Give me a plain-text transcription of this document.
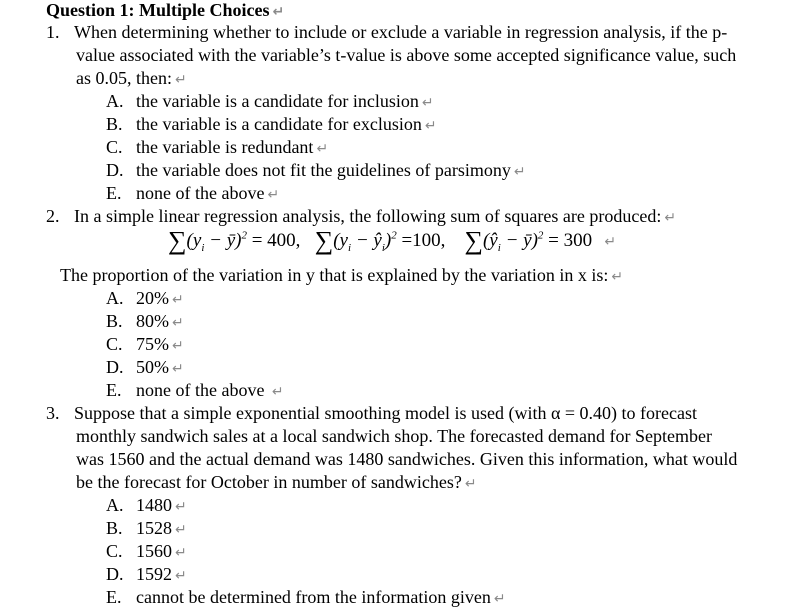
Question 1: Multiple Choices ↵
1. When determining whether to include or exclude a variable in regression analysis, if the p-
value associated with the variable’s t-value is above some accepted significance value, such
as 0.05, then: ↵
A. the variable is a candidate for inclusion ↵
B. the variable is a candidate for exclusion ↵
C. the variable is redundant ↵
D. the variable does not fit the guidelines of parsimony ↵
E. none of the above ↵
2. In a simple linear regression analysis, the following sum of squares are produced: ↵
$\sum(y_i$ − ȳ)$^2$ = 400, $\sum(y_i$ − $ŷ_i)^2 =100$, $\sum(ŷ_i$ − ȳ)$^2$ = 300  ↵
The proportion of the variation in y that is explained by the variation in x is: ↵
A. 20% ↵
B. 80% ↵
C. 75% ↵
D. 50% ↵
E. none of the above ↵
3. Suppose that a simple exponential smoothing model is used (with α = 0.40) to forecast
monthly sandwich sales at a local sandwich shop. The forecasted demand for September
was 1560 and the actual demand was 1480 sandwiches. Given this information, what would
be the forecast for October in number of sandwiches? ↵
A. 1480 ↵
B. 1528 ↵
C. 1560 ↵
D. 1592 ↵
E. cannot be determined from the information given ↵
